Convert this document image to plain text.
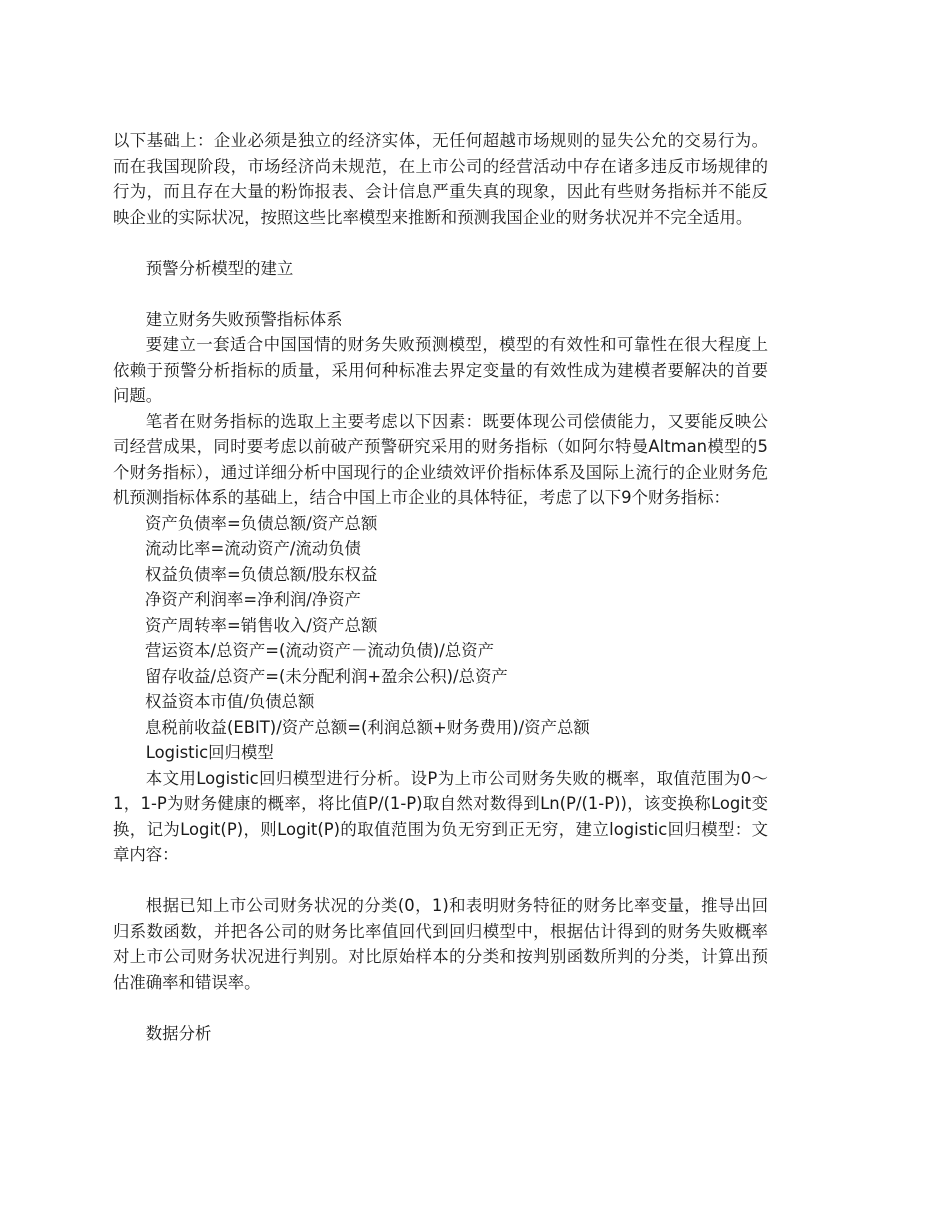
以下基础上：企业必须是独立的经济实体，无任何超越市场规则的显失公允的交易行为。而在我国现阶段，市场经济尚未规范，在上市公司的经营活动中存在诸多违反市场规律的行为，而且存在大量的粉饰报表、会计信息严重失真的现象，因此有些财务指标并不能反映企业的实际状况，按照这些比率模型来推断和预测我国企业的财务状况并不完全适用。

预警分析模型的建立

建立财务失败预警指标体系

要建立一套适合中国国情的财务失败预测模型，模型的有效性和可靠性在很大程度上依赖于预警分析指标的质量，采用何种标准去界定变量的有效性成为建模者要解决的首要问题。

笔者在财务指标的选取上主要考虑以下因素：既要体现公司偿债能力，又要能反映公司经营成果，同时要考虑以前破产预警研究采用的财务指标（如阿尔特曼Altman模型的5个财务指标），通过详细分析中国现行的企业绩效评价指标体系及国际上流行的企业财务危机预测指标体系的基础上，结合中国上市企业的具体特征，考虑了以下9个财务指标：

资产负债率=负债总额/资产总额
流动比率=流动资产/流动负债
权益负债率=负债总额/股东权益
净资产利润率=净利润/净资产
资产周转率=销售收入/资产总额
营运资本/总资产=(流动资产－流动负债)/总资产
留存收益/总资产=(未分配利润+盈余公积)/总资产
权益资本市值/负债总额
息税前收益(EBIT)/资产总额=(利润总额+财务费用)/资产总额

Logistic回归模型

本文用Logistic回归模型进行分析。设P为上市公司财务失败的概率，取值范围为0～1，1-P为财务健康的概率，将比值P/(1-P)取自然对数得到Ln(P/(1-P))，该变换称Logit变换，记为Logit(P)，则Logit(P)的取值范围为负无穷到正无穷，建立logistic回归模型：文章内容：

根据已知上市公司财务状况的分类(0，1)和表明财务特征的财务比率变量，推导出回归系数函数，并把各公司的财务比率值回代到回归模型中，根据估计得到的财务失败概率对上市公司财务状况进行判别。对比原始样本的分类和按判别函数所判的分类，计算出预估准确率和错误率。

数据分析
